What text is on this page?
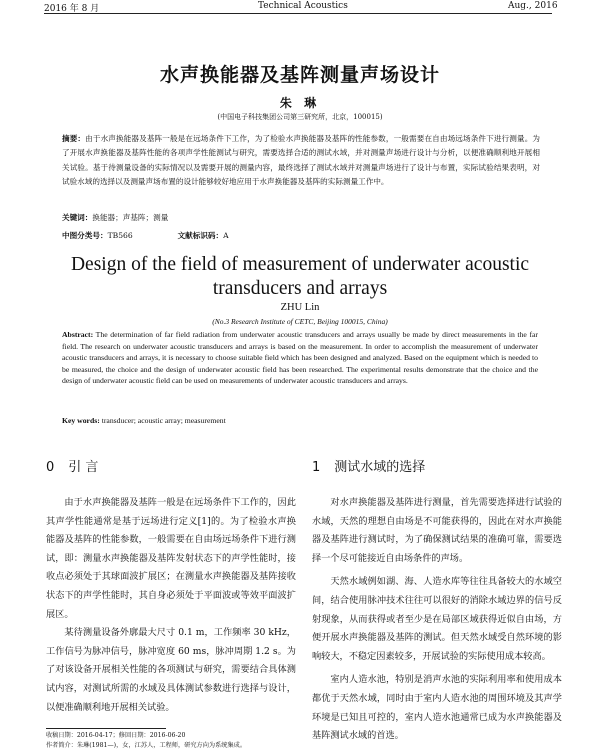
2016 年 8 月	Technical Acoustics	Aug., 2016
水声换能器及基阵测量声场设计
朱 琳
(中国电子科技集团公司第三研究所，北京，100015)
摘要：由于水声换能器及基阵一般是在远场条件下工作，为了检验水声换能器及基阵的性能参数，一般需要在自由场远场条件下进行测量。为了开展水声换能器及基阵性能的各项声学性能测试与研究，需要选择合适的测试水域，并对测量声场进行设计与分析，以便准确顺利地开展相关试验。基于待测量设备的实际情况以及需要开展的测量内容，最终选择了测试水域并对测量声场进行了设计与布置，实际试验结果表明，对试验水域的选择以及测量声场布置的设计能够较好地应用于水声换能器及基阵的实际测量工作中。
关键词：换能器；声基阵；测量
中图分类号：TB566	文献标识码：A
Design of the field of measurement of underwater acoustic
transducers and arrays
ZHU Lin
(No.3 Research Institute of CETC, Beijing 100015, China)
Abstract: The determination of far field radiation from underwater acoustic transducers and arrays usually be made by direct measurements in the far field. The research on underwater acoustic transducers and arrays is based on the measurement. In order to accomplish the measurement of underwater acoustic transducers and arrays, it is necessary to choose suitable field which has been designed and analyzed. Based on the equipment which is needed to be measured, the choice and the design of underwater acoustic field has been researched. The experimental results demonstrate that the choice and the design of underwater acoustic field can be used on measurements of underwater acoustic transducers and arrays.
Key words: transducer; acoustic array; measurement
0 引 言

由于水声换能器及基阵一般是在远场条件下工作的，因此其声学性能通常是基于远场进行定义[1]的。为了检验水声换能器及基阵的性能参数，一般需要在自由场远场条件下进行测试，即：测量水声换能器及基阵发射状态下的声学性能时，接收点必须处于其球面波扩展区；在测量水声换能器及基阵接收状态下的声学性能时，其自身必须处于平面波或等效平面波扩展区。

某待测量设备外廓最大尺寸 0.1 m，工作频率 30 kHz，工作信号为脉冲信号，脉冲宽度 60 ms，脉冲周期 1.2 s。为了对该设备开展相关性能的各项测试与研究，需要结合具体测试内容，对测试所需的水域及具体测试参数进行选择与设计，以便准确顺利地开展相关试验。

1 测试水域的选择

对水声换能器及基阵进行测量，首先需要选择进行试验的水域，天然的理想自由场是不可能获得的，因此在对水声换能器及基阵进行测试时，为了确保测试结果的准确可靠，需要选择一个尽可能接近自由场条件的声场。

天然水域例如湖、海、人造水库等往往具备较大的水域空间，结合使用脉冲技术往往可以很好的消除水域边界的信号反射现象，从而获得或者至少是在局部区域获得近似自由场，方便开展水声换能器及基阵的测试。但天然水域受自然环境的影响较大，不稳定因素较多，开展试验的实际使用成本较高。

室内人造水池，特别是消声水池的实际利用率和使用成本都优于天然水域，同时由于室内人造水池的周围环境及其声学环境是已知且可控的，室内人造水池通常已成为水声换能器及基阵测试水域的首选。

收稿日期：2016-04-17；修回日期：2016-06-20
作者简介：朱琳(1981—)，女，江苏人，工程师，研究方向为系统集成。
